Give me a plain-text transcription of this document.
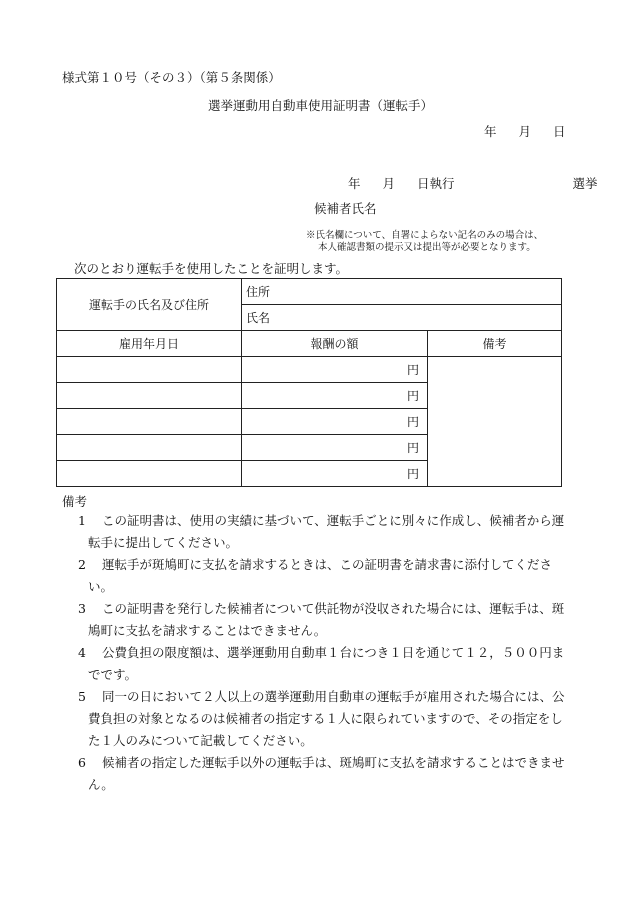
様式第１０号（その３）（第５条関係）
選挙運動用自動車使用証明書（運転手）
年 月 日
年 月 日執行	選挙
候補者氏名
※氏名欄について、自署によらない記名のみの場合は、
本人確認書類の提示又は提出等が必要となります。
次のとおり運転手を使用したことを証明します。
運転手の氏名及び住所	住所	
	氏名	
雇用年月日	報酬の額	備考
	円	
	円	
	円	
	円	
	円	
備考
1	この証明書は、使用の実績に基づいて、運転手ごとに別々に作成し、候補者から運転手に提出してください。
2	運転手が斑鳩町に支払を請求するときは、この証明書を請求書に添付してください。
3	この証明書を発行した候補者について供託物が没収された場合には、運転手は、斑鳩町に支払を請求することはできません。
4	公費負担の限度額は、選挙運動用自動車１台につき１日を通じて１２，５００円までです。
5	同一の日において２人以上の選挙運動用自動車の運転手が雇用された場合には、公費負担の対象となるのは候補者の指定する１人に限られていますので、その指定をした１人のみについて記載してください。
6	候補者の指定した運転手以外の運転手は、斑鳩町に支払を請求することはできません。
